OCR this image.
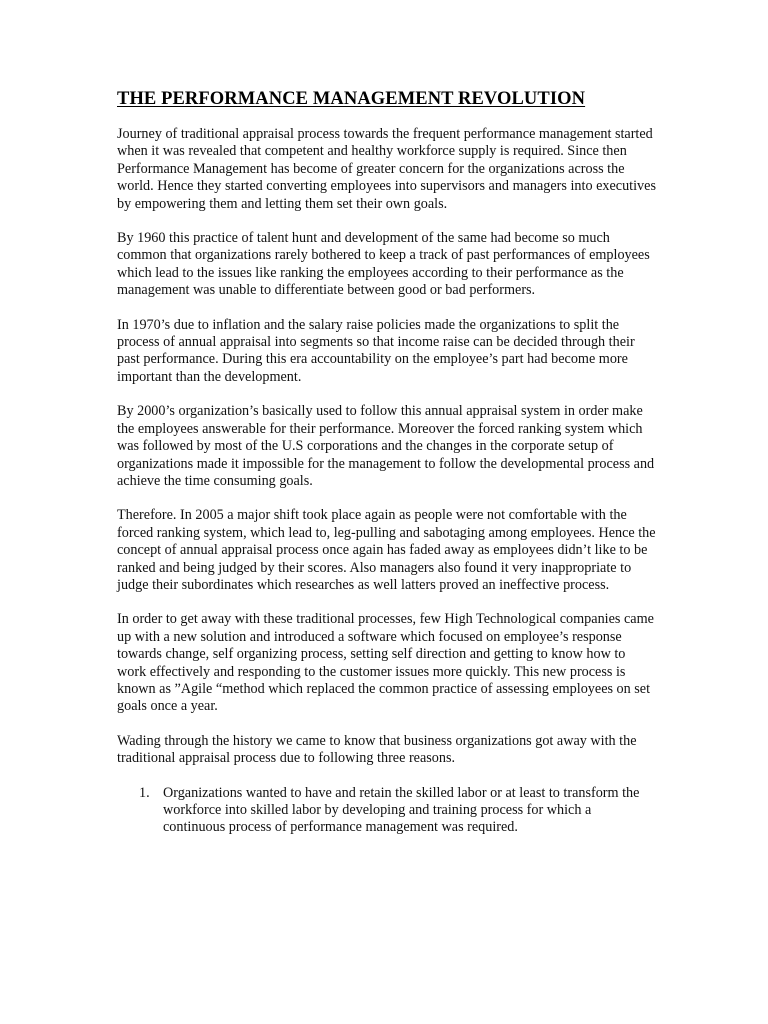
THE PERFORMANCE MANAGEMENT REVOLUTION

Journey of traditional appraisal process towards the frequent performance management started when it was revealed that competent and healthy workforce supply is required. Since then Performance Management has become of greater concern for the organizations across the world. Hence they started converting employees into supervisors and managers into executives by empowering them and letting them set their own goals.

By 1960 this practice of talent hunt and development of the same had become so much common that organizations rarely bothered to keep a track of past performances of employees which lead to the issues like ranking the employees according to their performance as the management was unable to differentiate between good or bad performers.

In 1970’s due to inflation and the salary raise policies made the organizations to split the process of annual appraisal into segments so that income raise can be decided through their past performance. During this era accountability on the employee’s part had become more important than the development.

By 2000’s organization’s basically used to follow this annual appraisal system in order make the employees answerable for their performance. Moreover the forced ranking system which was followed by most of the U.S corporations and the changes in the corporate setup of organizations made it impossible for the management to follow the developmental process and achieve the time consuming goals.

Therefore. In 2005 a major shift took place again as people were not comfortable with the forced ranking system, which lead to, leg-pulling and sabotaging among employees. Hence the concept of annual appraisal process once again has faded away as employees didn’t like to be ranked and being judged by their scores. Also managers also found it very inappropriate to judge their subordinates which researches as well latters proved an ineffective process.

In order to get away with these traditional processes, few High Technological companies came up with a new solution and introduced a software which focused on employee’s response towards change, self organizing process, setting self direction and getting to know how to work effectively and responding to the customer issues more quickly. This new process is known as ”Agile “method which replaced the common practice of assessing employees on set goals once a year.

Wading through the history we came to know that business organizations got away with the traditional appraisal process due to following three reasons.

1. Organizations wanted to have and retain the skilled labor or at least to transform the workforce into skilled labor by developing and training process for which a continuous process of performance management was required.
